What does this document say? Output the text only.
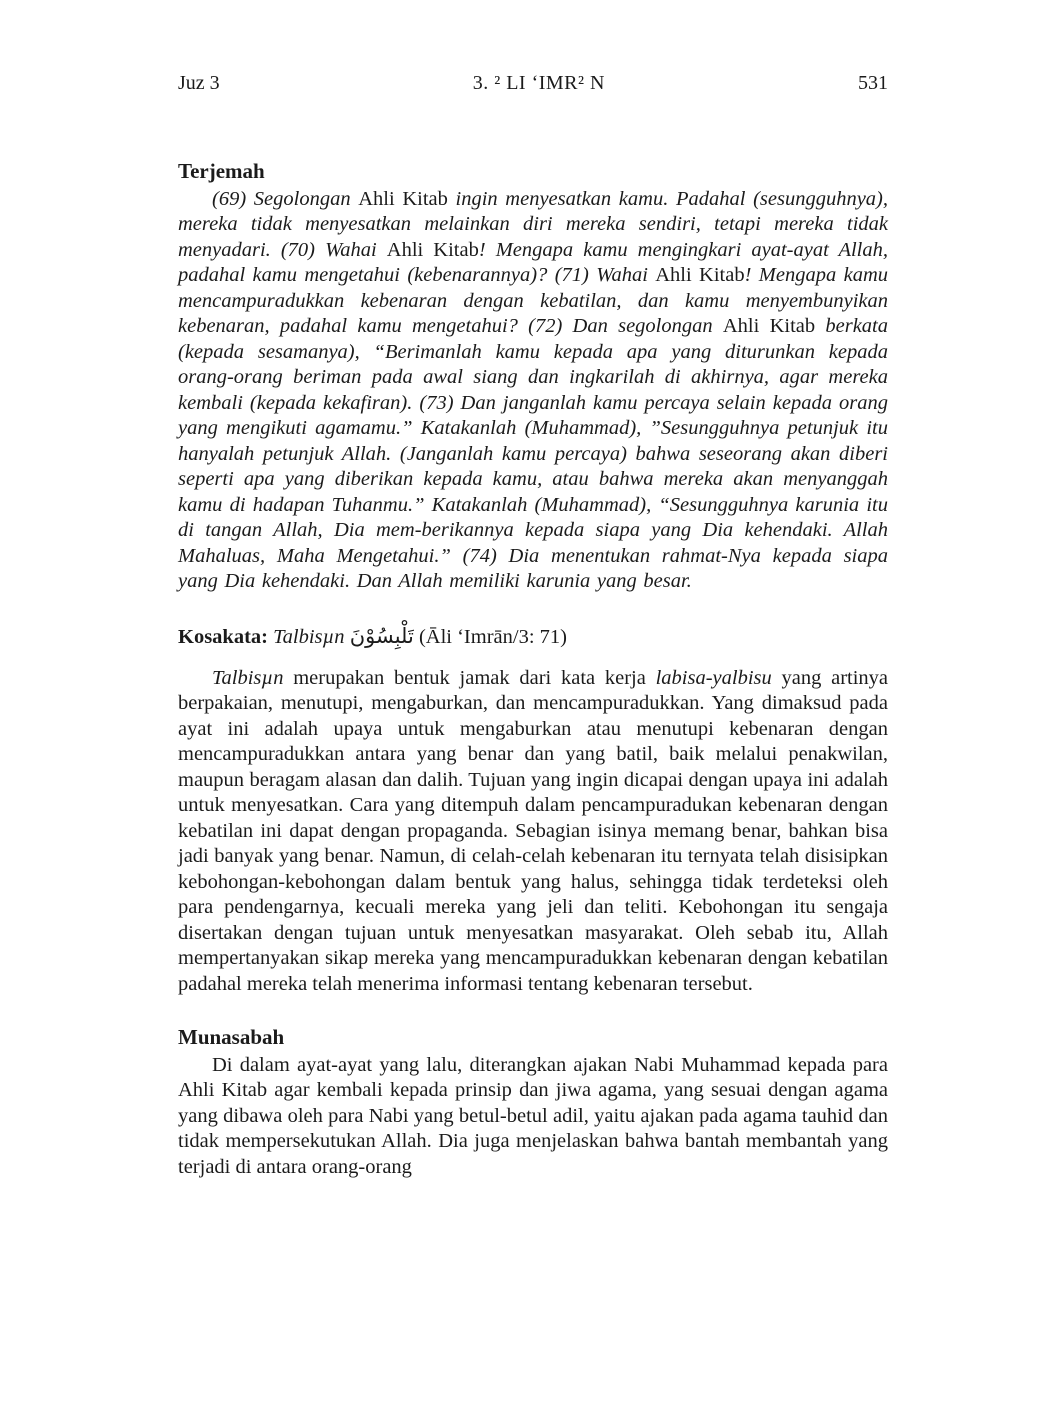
Juz 3	3. ² LI ‘IMR² N	531
Terjemah

(69) Segolongan Ahli Kitab ingin menyesatkan kamu. Padahal (sesungguhnya), mereka tidak menyesatkan melainkan diri mereka sendiri, tetapi mereka tidak menyadari. (70) Wahai Ahli Kitab! Mengapa kamu mengingkari ayat-ayat Allah, padahal kamu mengetahui (kebenarannya)? (71) Wahai Ahli Kitab! Mengapa kamu mencampuradukkan kebenaran dengan kebatilan, dan kamu menyembunyikan kebenaran, padahal kamu mengetahui? (72) Dan segolongan Ahli Kitab berkata (kepada sesamanya), “Berimanlah kamu kepada apa yang diturunkan kepada orang-orang beriman pada awal siang dan ingkarilah di akhirnya, agar mereka kembali (kepada kekafiran). (73) Dan janganlah kamu percaya selain kepada orang yang mengikuti agamamu.” Katakanlah (Muhammad), ”Sesungguhnya petunjuk itu hanyalah petunjuk Allah. (Janganlah kamu percaya) bahwa seseorang akan diberi seperti apa yang diberikan kepada kamu, atau bahwa mereka akan menyanggah kamu di hadapan Tuhanmu.” Katakanlah (Muhammad), “Sesungguhnya karunia itu di tangan Allah, Dia mem-berikannya kepada siapa yang Dia kehendaki. Allah Mahaluas, Maha Mengetahui.” (74) Dia menentukan rahmat-Nya kepada siapa yang Dia kehendaki. Dan Allah memiliki karunia yang besar.

Kosakata: Talbisµn تَلْبِسُوْنَ (Āli ‘Imrān/3: 71)

Talbisµn merupakan bentuk jamak dari kata kerja labisa-yalbisu yang artinya berpakaian, menutupi, mengaburkan, dan mencampuradukkan. Yang dimaksud pada ayat ini adalah upaya untuk mengaburkan atau menutupi kebenaran dengan mencampuradukkan antara yang benar dan yang batil, baik melalui penakwilan, maupun beragam alasan dan dalih. Tujuan yang ingin dicapai dengan upaya ini adalah untuk menyesatkan. Cara yang ditempuh dalam pencampuradukan kebenaran dengan kebatilan ini dapat dengan propaganda. Sebagian isinya memang benar, bahkan bisa jadi banyak yang benar. Namun, di celah-celah kebenaran itu ternyata telah disisipkan kebohongan-kebohongan dalam bentuk yang halus, sehingga tidak terdeteksi oleh para pendengarnya, kecuali mereka yang jeli dan teliti. Kebohongan itu sengaja disertakan dengan tujuan untuk menyesatkan masyarakat. Oleh sebab itu, Allah mempertanyakan sikap mereka yang mencampuradukkan kebenaran dengan kebatilan padahal mereka telah menerima informasi tentang kebenaran tersebut.

Munasabah

Di dalam ayat-ayat yang lalu, diterangkan ajakan Nabi Muhammad kepada para Ahli Kitab agar kembali kepada prinsip dan jiwa agama, yang sesuai dengan agama yang dibawa oleh para Nabi yang betul-betul adil, yaitu ajakan pada agama tauhid dan tidak mempersekutukan Allah. Dia juga menjelaskan bahwa bantah membantah yang terjadi di antara orang-orang
